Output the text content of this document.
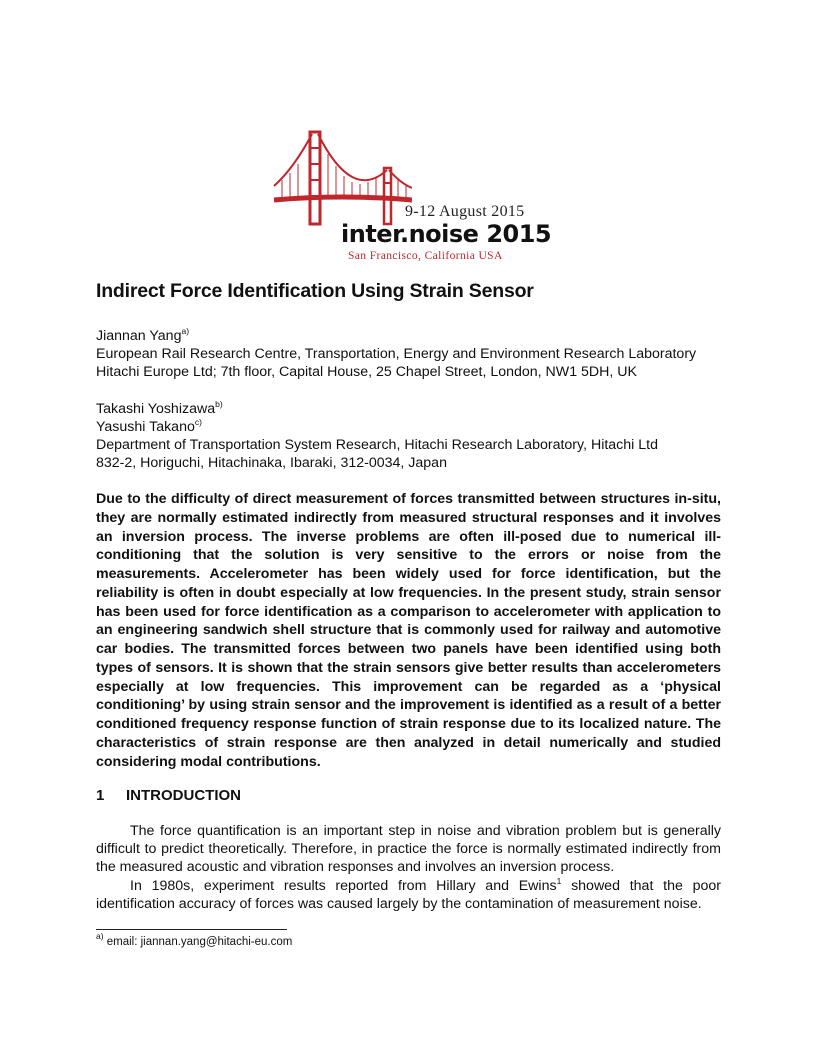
9-12 August 2015
inter.noise 2015
San Francisco, California USA
Indirect Force Identification Using Strain Sensor
Jiannan Yang$^{a)}$
European Rail Research Centre, Transportation, Energy and Environment Research Laboratory
Hitachi Europe Ltd; 7th floor, Capital House, 25 Chapel Street, London, NW1 5DH, UK
Takashi Yoshizawa$^{b)}$
Yasushi Takano$^{c)}$
Department of Transportation System Research, Hitachi Research Laboratory, Hitachi Ltd
832-2, Horiguchi, Hitachinaka, Ibaraki, 312-0034, Japan

Due to the difficulty of direct measurement of forces transmitted between structures in-situ, they are normally estimated indirectly from measured structural responses and it involves an inversion process. The inverse problems are often ill-posed due to numerical ill-conditioning that the solution is very sensitive to the errors or noise from the measurements. Accelerometer has been widely used for force identification, but the reliability is often in doubt especially at low frequencies. In the present study, strain sensor has been used for force identification as a comparison to accelerometer with application to an engineering sandwich shell structure that is commonly used for railway and automotive car bodies. The transmitted forces between two panels have been identified using both types of sensors. It is shown that the strain sensors give better results than accelerometers especially at low frequencies. This improvement can be regarded as a ‘physical conditioning’ by using strain sensor and the improvement is identified as a result of a better conditioned frequency response function of strain response due to its localized nature. The characteristics of strain response are then analyzed in detail numerically and studied considering modal contributions.

1 INTRODUCTION

The force quantification is an important step in noise and vibration problem but is generally difficult to predict theoretically. Therefore, in practice the force is normally estimated indirectly from the measured acoustic and vibration responses and involves an inversion process.

In 1980s, experiment results reported from Hillary and Ewins$^1$ showed that the poor identification accuracy of forces was caused largely by the contamination of measurement noise.

$^{a)}$ email: jiannan.yang@hitachi-eu.com
